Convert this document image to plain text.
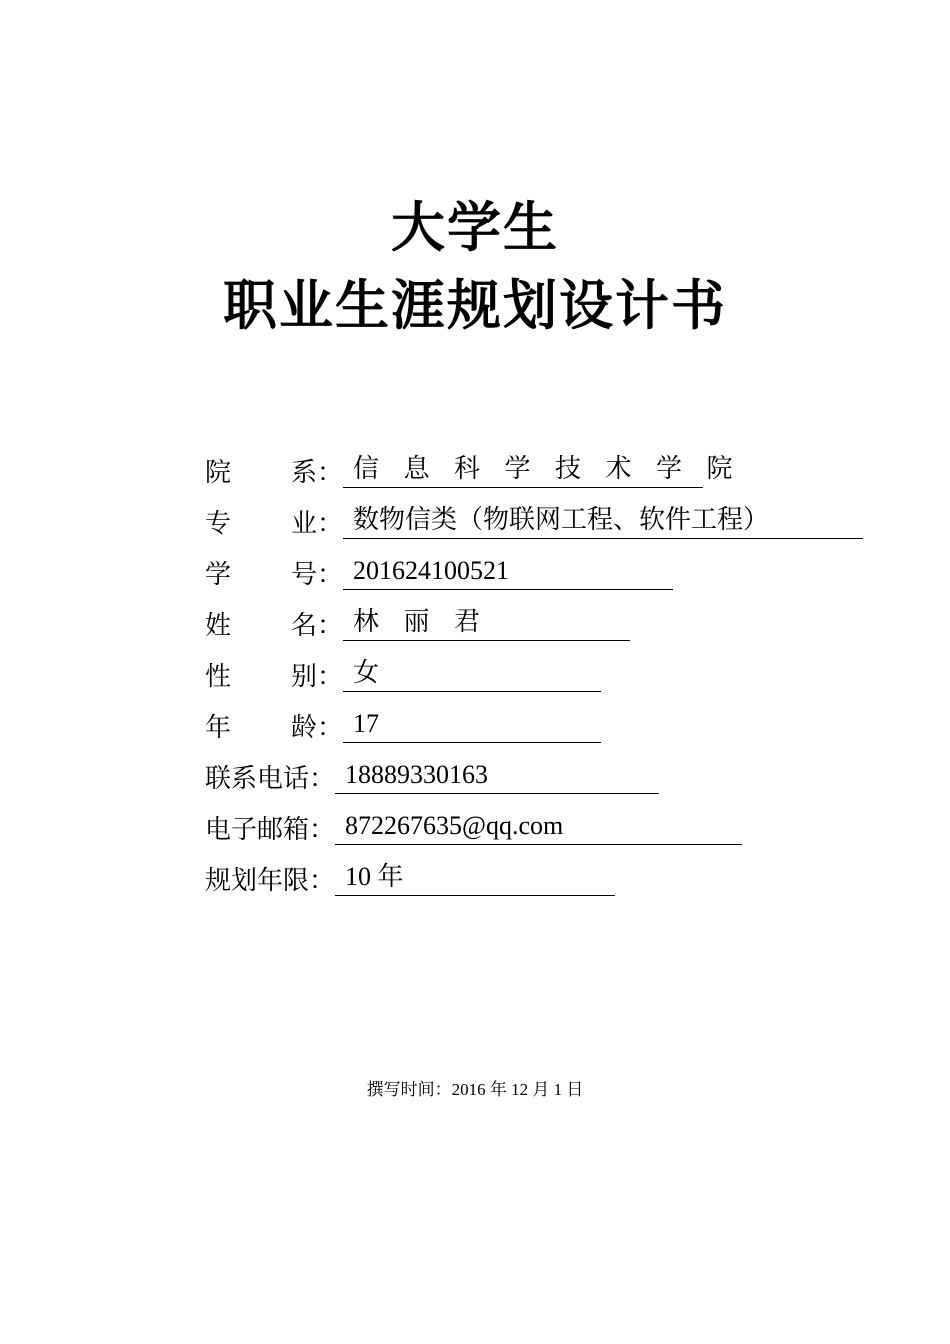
大学生
职业生涯规划设计书
院 系 ： 信 息 科 学 技 术 学 院
专 业 ： 数物信类（物联网工程、软件工程）
学 号 ： 201624100521
姓 名 ： 林 丽 君
性 别 ： 女
年 龄 ： 17
联系电话 ： 18889330163
电子邮箱 ： 872267635@qq.com
规划年限 ： 10 年
撰写时间：2016 年 12 月 1 日
